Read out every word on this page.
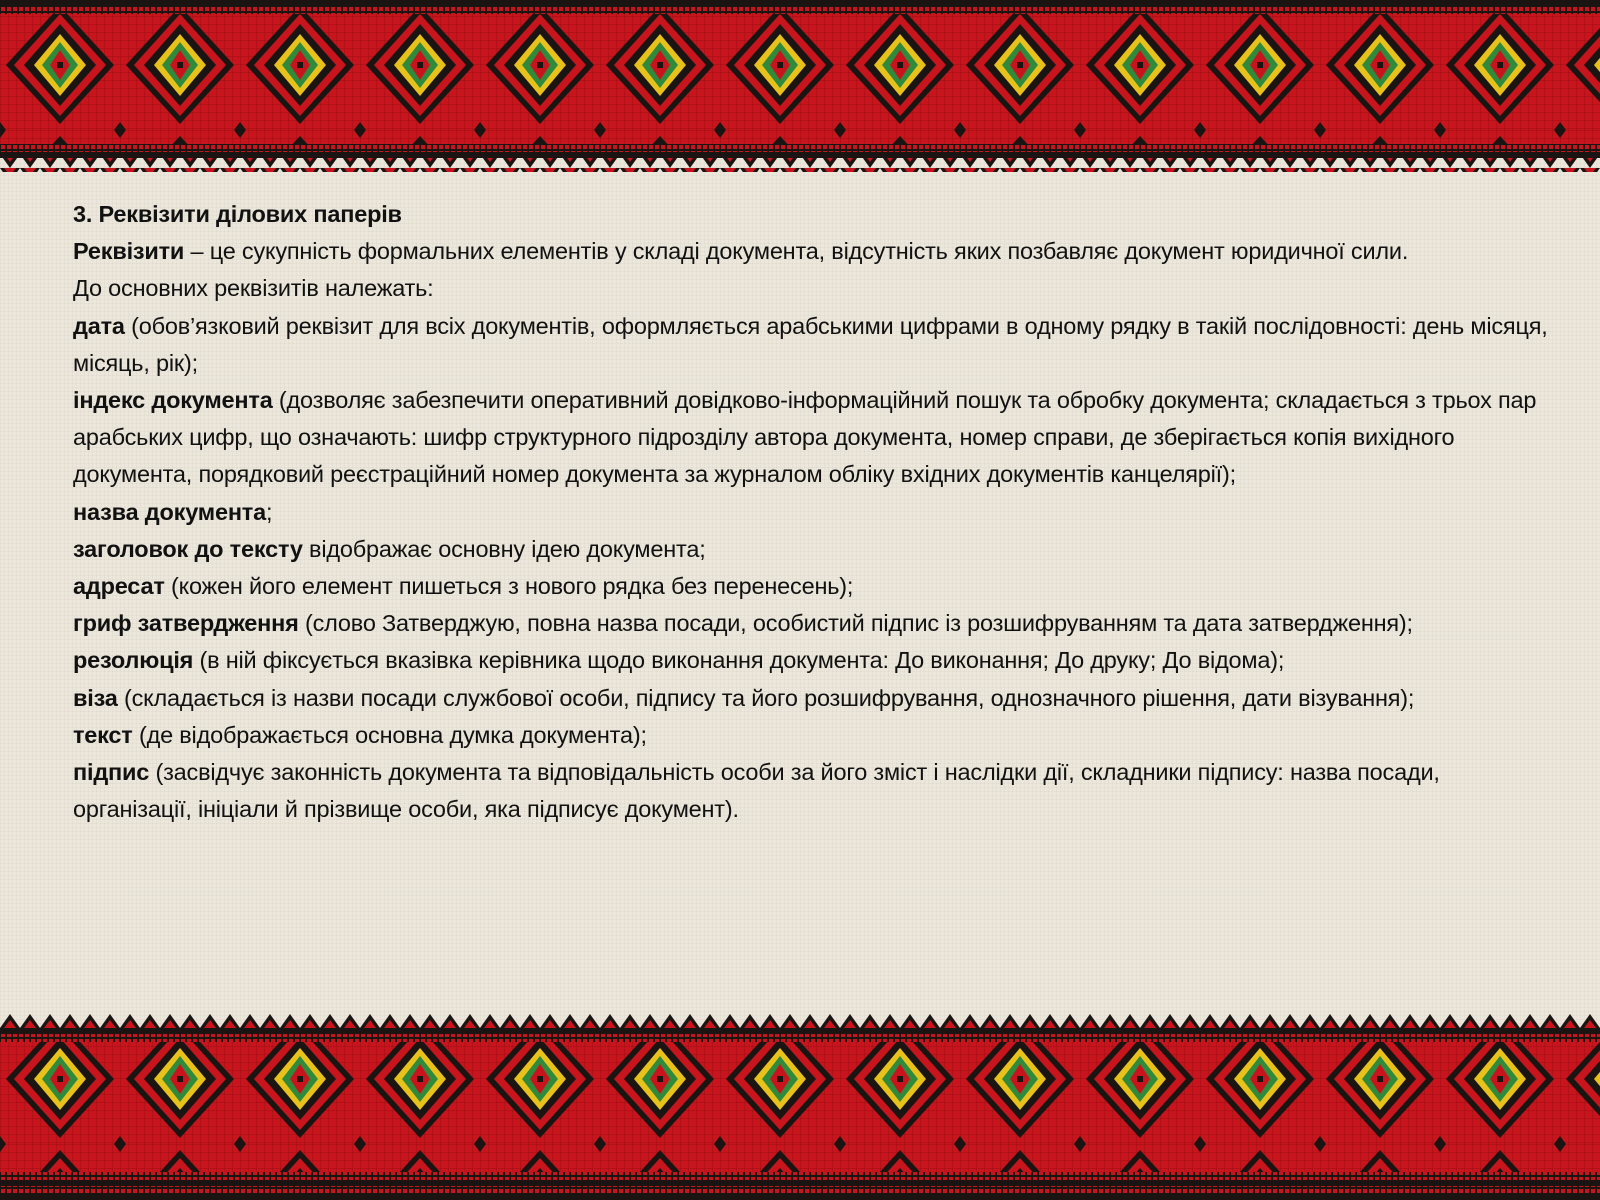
3. Реквізити ділових паперів

Реквізити – це сукупність формальних елементів у складі документа, відсутність яких позбавляє документ юридичної сили.

До основних реквізитів належать:

дата (обов’язковий реквізит для всіх документів, оформляється арабськими цифрами в одному рядку в такій послідовності: день місяця, місяць, рік);

індекс документа (дозволяє забезпечити оперативний довідково-інформаційний пошук та обробку документа; складається з трьох пар арабських цифр, що означають: шифр структурного підрозділу автора документа, номер справи, де зберігається копія вихідного документа, порядковий реєстраційний номер документа за журналом обліку вхідних документів канцелярії);

назва документа;

заголовок до тексту відображає основну ідею документа;

адресат (кожен його елемент пишеться з нового рядка без перенесень);

гриф затвердження (слово Затверджую, повна назва посади, особистий підпис із розшифруванням та дата затвердження);

резолюція (в ній фіксується вказівка керівника щодо виконання документа: До виконання; До друку; До відома);

віза (складається із назви посади службової особи, підпису та його розшифрування, однозначного рішення, дати візування);

текст (де відображається основна думка документа);

підпис (засвідчує законність документа та відповідальність особи за його зміст і наслідки дії, складники підпису: назва посади, організації, ініціали й прізвище особи, яка підписує документ).
